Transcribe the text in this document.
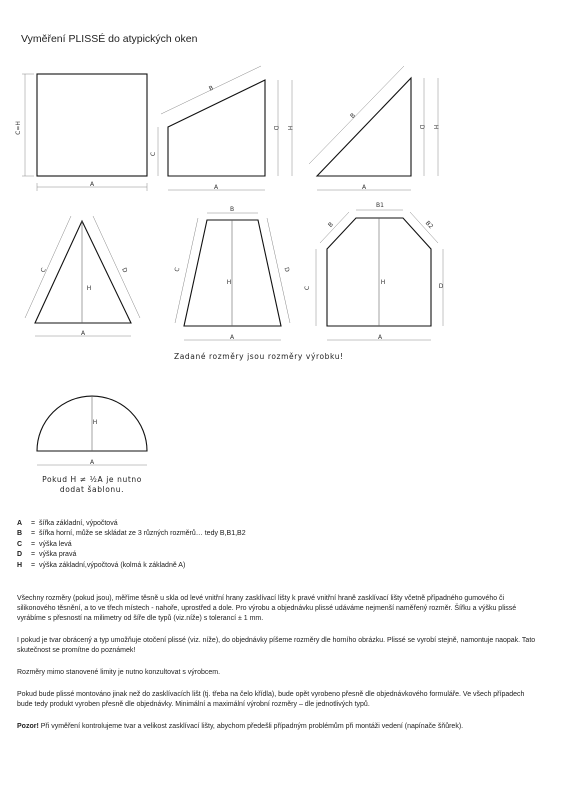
Vyměření PLISSÉ do atypických oken
C=H
A
B
C
D H
A
B
D H
A
H
C	D
A
H
B
C	D
A
H
B1
B	B2
C	D
A
Zadané rozměry jsou rozměry výrobku!
H
A
Pokud H ≠ ½A je nutno
dodat šablonu.
A = šířka základní, výpočtová
B = šířka horní, může se skládat ze 3 různých rozměrů… tedy B,B1,B2
C = výška levá
D = výška pravá
H = výška základní,výpočtová (kolmá k základně A)

Všechny rozměry (pokud jsou), měříme těsně u skla od levé vnitřní hrany zasklívací lišty k pravé vnitřní hraně zasklívací lišty včetně případného gumového či silikonového těsnění, a to ve třech místech - nahoře, uprostřed a dole. Pro výrobu a objednávku plissé udáváme nejmenší naměřený rozměr. Šířku a výšku plissé vyrábíme s přesností na milimetry od šíře dle typů (viz.níže) s tolerancí ± 1 mm.

I pokud je tvar obrácený a typ umožňuje otočení plissé (viz. níže), do objednávky píšeme rozměry dle horního obrázku. Plissé se vyrobí stejně, namontuje naopak. Tato skutečnost se promítne do poznámek!

Rozměry mimo stanovené limity je nutno konzultovat s výrobcem.

Pokud bude plissé montováno jinak než do zasklívacích lišt (tj. třeba na čelo křídla), bude opět vyrobeno přesně dle objednávkového formuláře. Ve všech případech bude tedy produkt vyroben přesně dle objednávky. Minimální a maximální výrobní rozměry – dle jednotlivých typů.

Pozor! Při vyměření kontrolujeme tvar a velikost zasklívací lišty, abychom předešli případným problémům při montáži vedení (napínače šňůrek).
